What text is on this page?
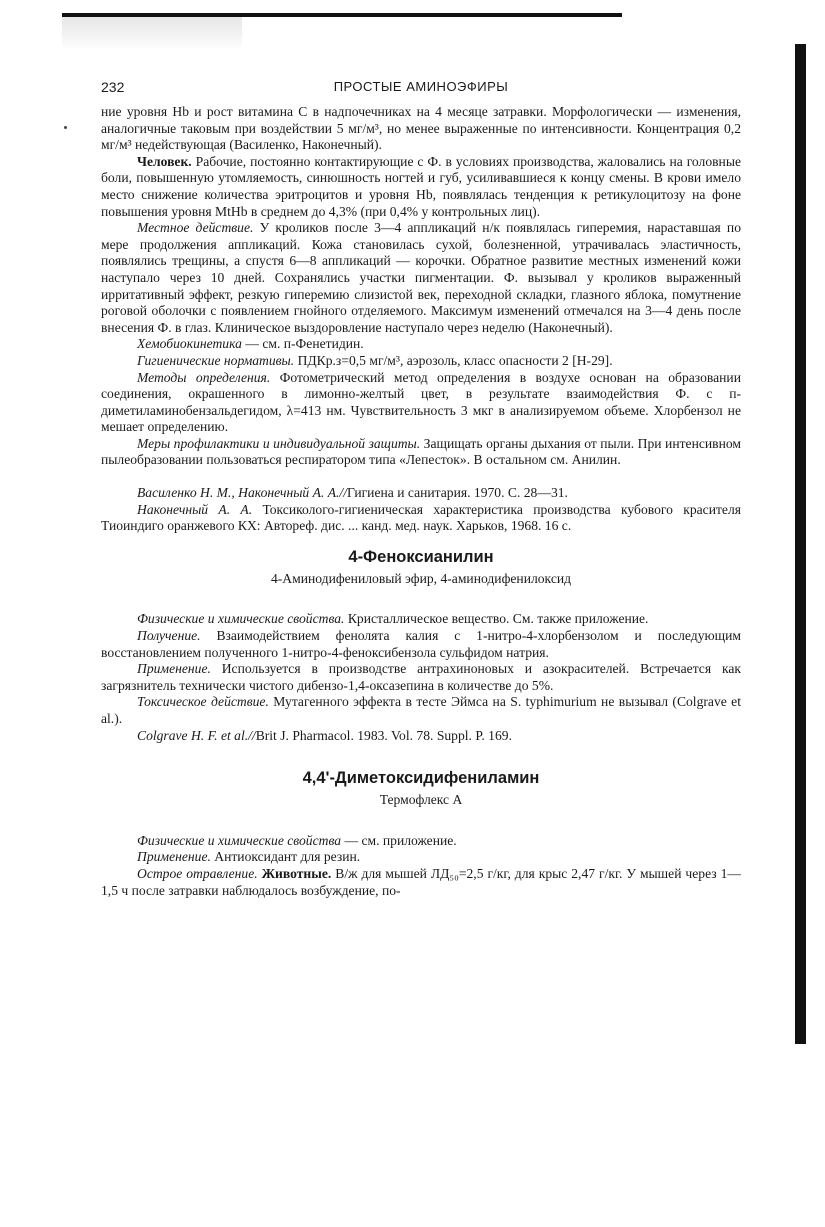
232	ПРОСТЫЕ АМИНОЭФИРЫ

ние уровня Hb и рост витамина С в надпочечниках на 4 месяце затравки. Морфологически — изменения, аналогичные таковым при воздействии 5 мг/м³, но менее выраженные по интенсивности. Концентрация 0,2 мг/м³ недействующая (Василенко, Наконечный).

Человек. Рабочие, постоянно контактирующие с Ф. в условиях производства, жаловались на головные боли, повышенную утомляемость, синюшность ногтей и губ, усиливавшиеся к концу смены. В крови имело место снижение количества эритроцитов и уровня Hb, появлялась тенденция к ретикулоцитозу на фоне повышения уровня MtHb в среднем до 4,3% (при 0,4% у контрольных лиц).

Местное действие. У кроликов после 3—4 аппликаций н/к появлялась гиперемия, нараставшая по мере продолжения аппликаций. Кожа становилась сухой, болезненной, утрачивалась эластичность, появлялись трещины, а спустя 6—8 аппликаций — корочки. Обратное развитие местных изменений кожи наступало через 10 дней. Сохранялись участки пигментации. Ф. вызывал у кроликов выраженный ирритативный эффект, резкую гиперемию слизистой век, переходной складки, глазного яблока, помутнение роговой оболочки с появлением гнойного отделяемого. Максимум изменений отмечался на 3—4 день после внесения Ф. в глаз. Клиническое выздоровление наступало через неделю (Наконечный).

Хемобиокинетика — см. п-Фенетидин.

Гигиенические нормативы. ПДКр.з=0,5 мг/м³, аэрозоль, класс опасности 2 [Н-29].

Методы определения. Фотометрический метод определения в воздухе основан на образовании соединения, окрашенного в лимонно-желтый цвет, в результате взаимодействия Ф. с п-диметиламинобензальдегидом, λ=413 нм. Чувствительность 3 мкг в анализируемом объеме. Хлорбензол не мешает определению.

Меры профилактики и индивидуальной защиты. Защищать органы дыхания от пыли. При интенсивном пылеобразовании пользоваться респиратором типа «Лепесток». В остальном см. Анилин.

Василенко Н. М., Наконечный А. А.//Гигиена и санитария. 1970. С. 28—31.

Наконечный А. А. Токсиколого-гигиеническая характеристика производства кубового красителя Тиоиндиго оранжевого КХ: Автореф. дис. ... канд. мед. наук. Харьков, 1968. 16 с.

4-Феноксианилин

4-Аминодифениловый эфир, 4-аминодифенилоксид

Физические и химические свойства. Кристаллическое вещество. См. также приложение.

Получение. Взаимодействием фенолята калия с 1-нитро-4-хлорбензолом и последующим восстановлением полученного 1-нитро-4-феноксибензола сульфидом натрия.

Применение. Используется в производстве антрахиноновых и азокрасителей. Встречается как загрязнитель технически чистого дибензо-1,4-оксазепина в количестве до 5%.

Токсическое действие. Мутагенного эффекта в тесте Эймса на S. typhimurium не вызывал (Colgrave et al.).

Colgrave H. F. et al.//Brit J. Pharmacol. 1983. Vol. 78. Suppl. P. 169.

4,4'-Диметоксидифениламин

Термофлекс А

Физические и химические свойства — см. приложение.

Применение. Антиоксидант для резин.

Острое отравление. Животные. В/ж для мышей ЛД₅₀=2,5 г/кг, для крыс 2,47 г/кг. У мышей через 1—1,5 ч после затравки наблюдалось возбуждение, по-
